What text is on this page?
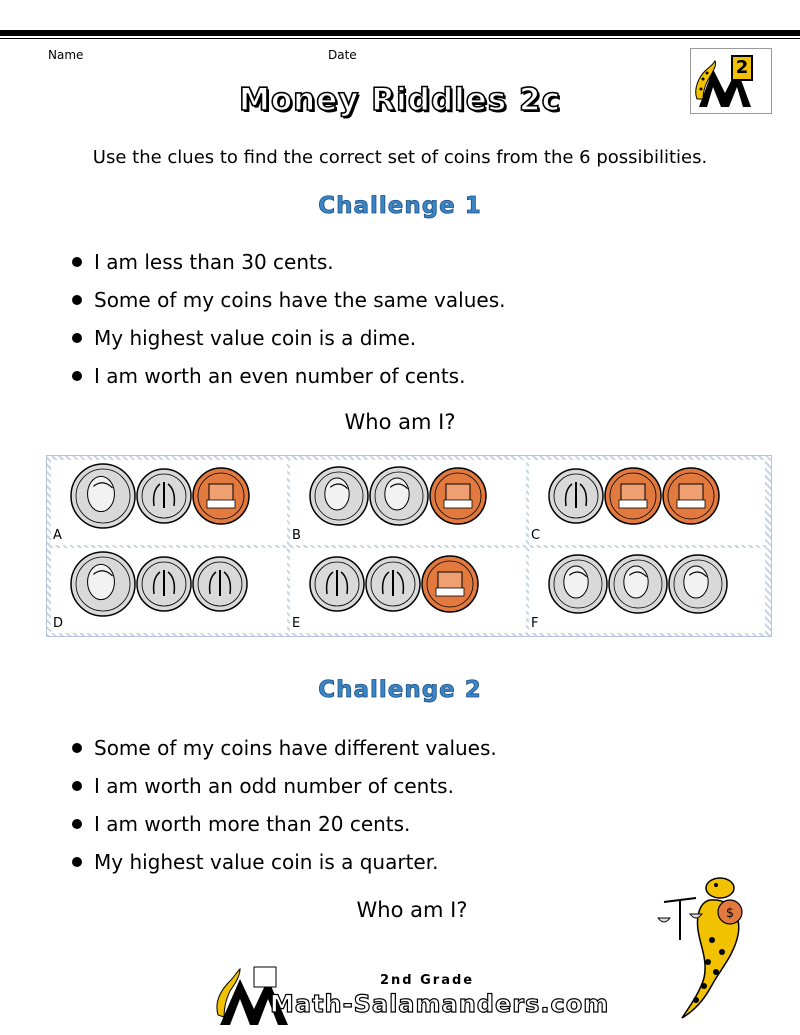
Name	Date
2
Money Riddles 2c
Use the clues to find the correct set of coins from the 6 possibilities.
Challenge 1
I am less than 30 cents.
Some of my coins have the same values.
My highest value coin is a dime.
I am worth an even number of cents.
Who am I?
A	B	C
D	E	F
Challenge 2
Some of my coins have different values.
I am worth an odd number of cents.
I am worth more than 20 cents.
My highest value coin is a quarter.
Who am I?	$
2nd Grade
Math-Salamanders.com
